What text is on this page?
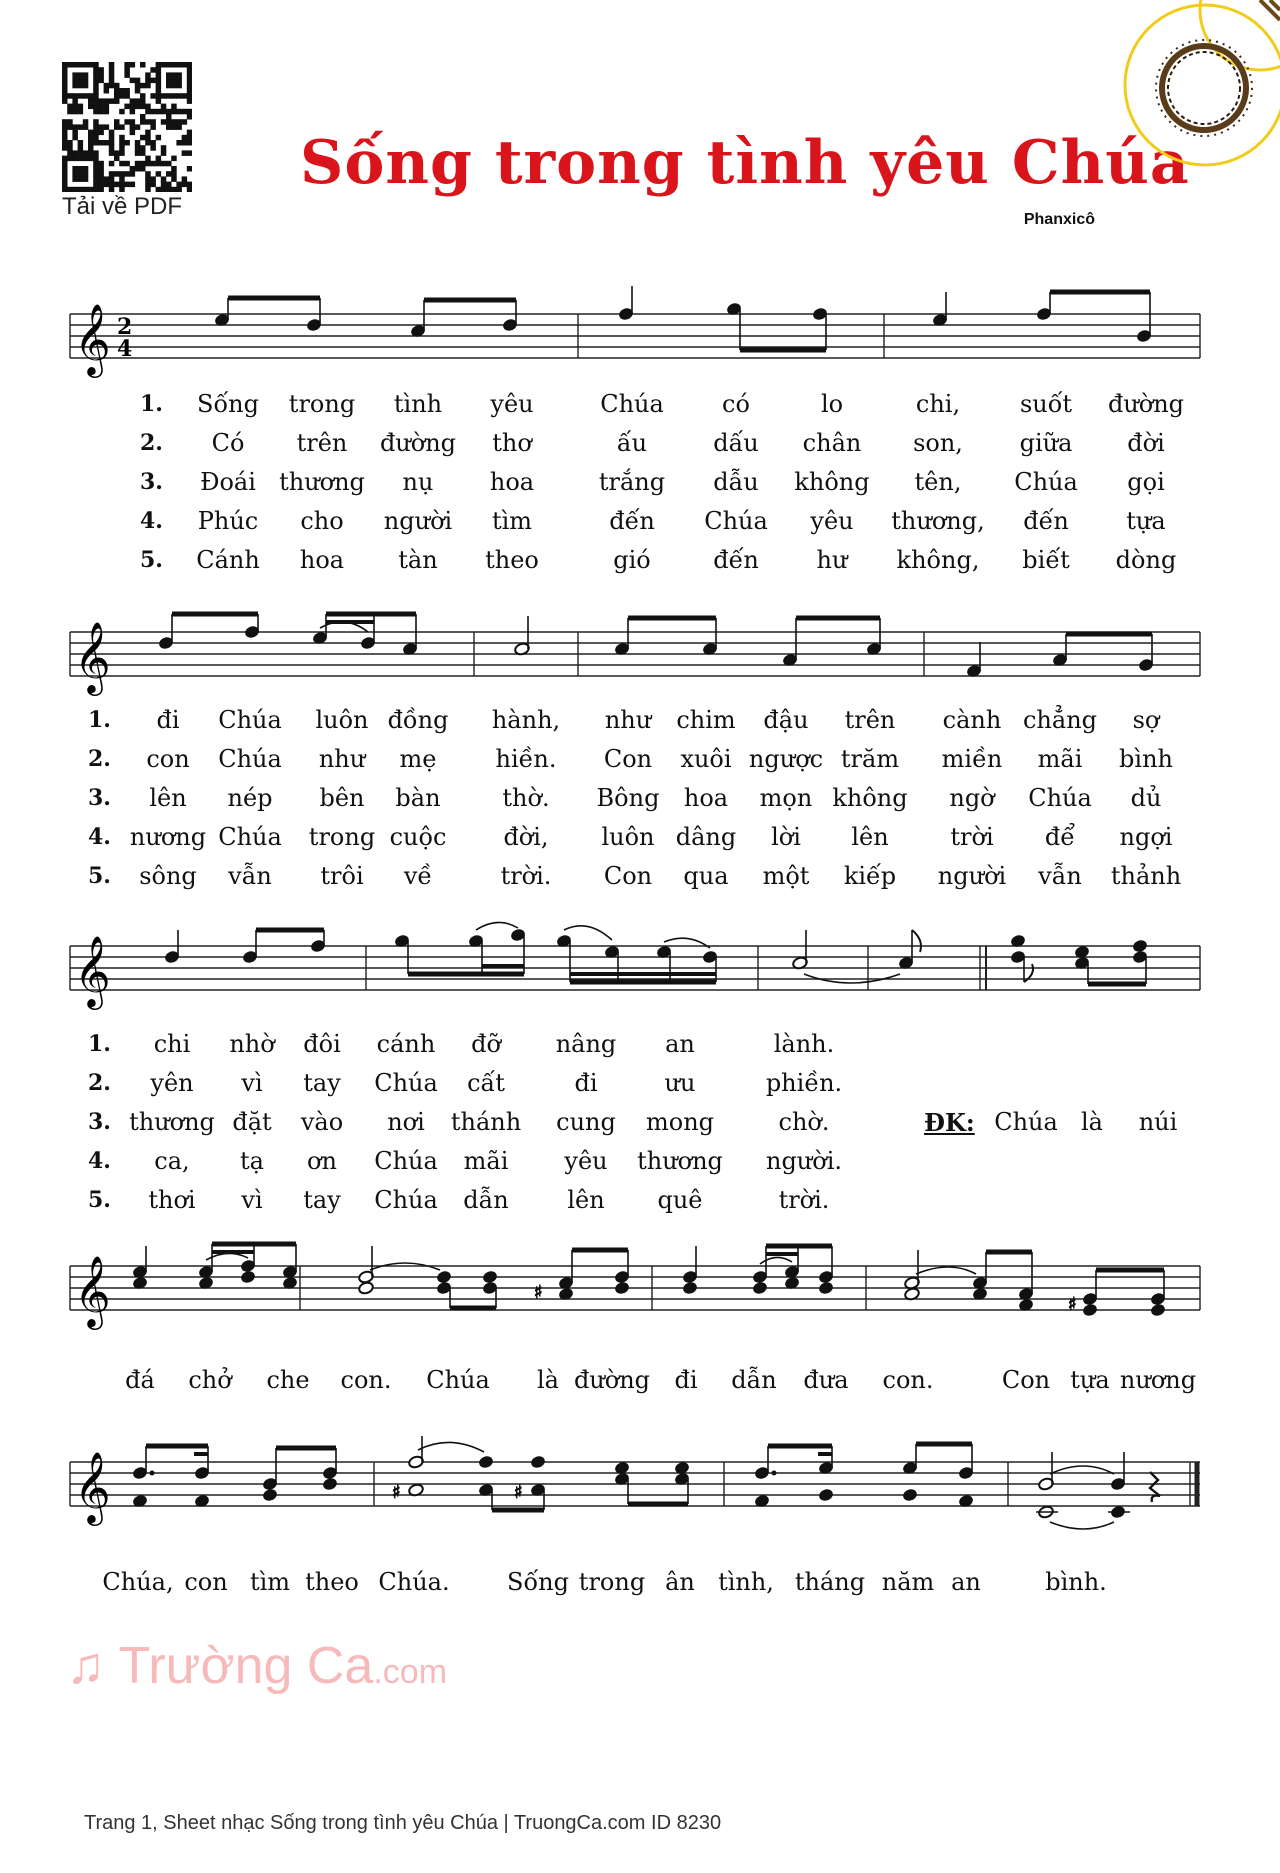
Tải về PDF
Sống trong tình yêu Chúa
Phanxicô
𝄞 2
4
1. Sống trong tình yêu	Chúa có	lo	chi, suốt đường
2. Có trên đường thơ	ấu	dấu chân son, giữa đời
3. Đoái thương nụ hoa	trắng dẫu không tên, Chúa gọi
4. Phúc cho người tìm	đến Chúa yêu thương, đến tựa
5. Cánh hoa tàn theo	gió	đến hư không, biết dòng
𝄞
1. đi Chúa luôn đồng hành, như chim đậu trên cành chẳng sợ
2. con Chúa như mẹ hiền. Con xuôi ngược trăm miền mãi bình
3. lên nép bên bàn	thờ. Bông hoa mọn không ngờ Chúa dủ
4. nương Chúa trong cuộc đời, luôn dâng lời lên	trời để ngợi
5. sông vẫn trôi về	trời. Con qua một kiếp người vẫn thảnh
𝄞
1. chi nhờ đôi cánh đỡ nâng an	lành.
2. yên vì tay Chúa cất	đi	ưu	phiền.
3. thương đặt vào nơi thánh cung mong	chờ.
4. ca, tạ ơn Chúa mãi yêu thương người.
5. thơi vì tay Chúa dẫn lên quê	trời.
ĐK: Chúa là núi
𝄞	♯
♯
đá chở che con. Chúa là đường đi dẫn đưa con.	Con tựa nương
𝄞	♯	♯
Chúa, con tìm theo Chúa. Sống trong ân tình, tháng năm an	bình.
♫ Trường Ca.com
Trang 1, Sheet nhạc Sống trong tình yêu Chúa | TruongCa.com ID 8230
